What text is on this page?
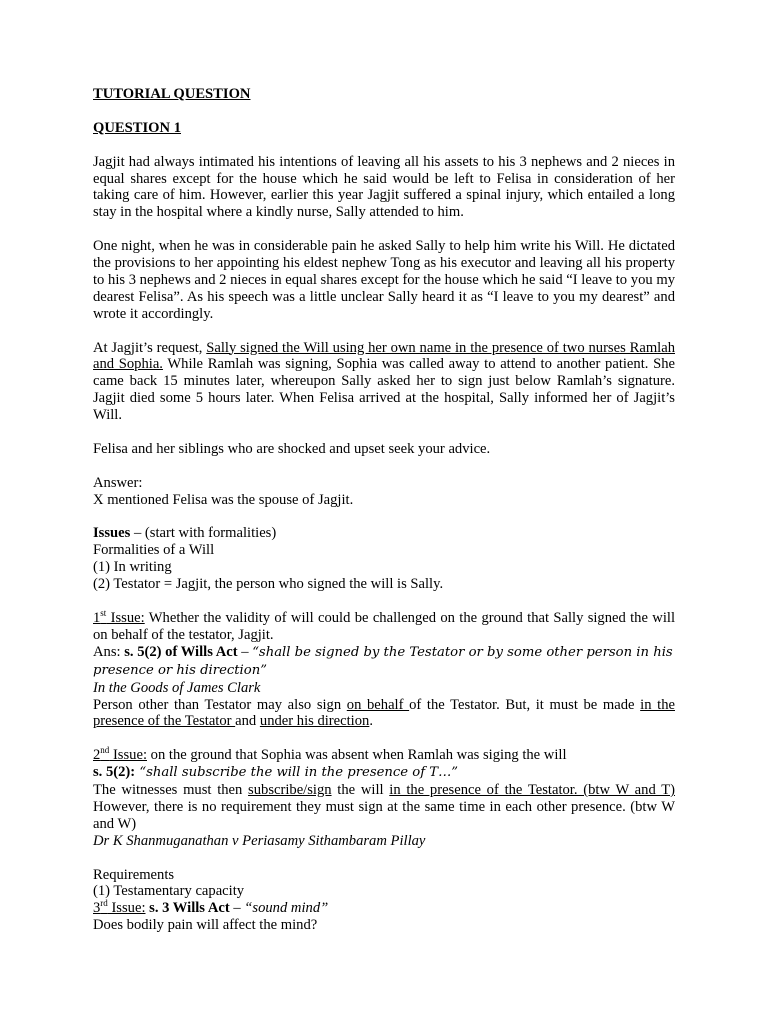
TUTORIAL QUESTION

QUESTION 1

Jagjit had always intimated his intentions of leaving all his assets to his 3 nephews and 2 nieces in equal shares except for the house which he said would be left to Felisa in consideration of her taking care of him. However, earlier this year Jagjit suffered a spinal injury, which entailed a long stay in the hospital where a kindly nurse, Sally attended to him.

One night, when he was in considerable pain he asked Sally to help him write his Will. He dictated the provisions to her appointing his eldest nephew Tong as his executor and leaving all his property to his 3 nephews and 2 nieces in equal shares except for the house which he said “I leave to you my dearest Felisa”. As his speech was a little unclear Sally heard it as “I leave to you my dearest” and wrote it accordingly.

At Jagjit’s request, Sally signed the Will using her own name in the presence of two nurses Ramlah and Sophia. While Ramlah was signing, Sophia was called away to attend to another patient. She came back 15 minutes later, whereupon Sally asked her to sign just below Ramlah’s signature. Jagjit died some 5 hours later. When Felisa arrived at the hospital, Sally informed her of Jagjit’s Will.

Felisa and her siblings who are shocked and upset seek your advice.

Answer:

X mentioned Felisa was the spouse of Jagjit.

Issues – (start with formalities)

Formalities of a Will

(1) In writing

(2) Testator = Jagjit, the person who signed the will is Sally.

1st Issue: Whether the validity of will could be challenged on the ground that Sally signed the will on behalf of the testator, Jagjit.

Ans: s. 5(2) of Wills Act – “shall be signed by the Testator or by some other person in his presence or his direction”

In the Goods of James Clark

Person other than Testator may also sign on behalf of the Testator. But, it must be made in the presence of the Testator and under his direction.

2nd Issue: on the ground that Sophia was absent when Ramlah was siging the will

s. 5(2): “shall subscribe the will in the presence of T…”

The witnesses must then subscribe/sign the will in the presence of the Testator. (btw W and T) However, there is no requirement they must sign at the same time in each other presence. (btw W and W)

Dr K Shanmuganathan v Periasamy Sithambaram Pillay

Requirements

(1) Testamentary capacity

3rd Issue: s. 3 Wills Act – “sound mind”

Does bodily pain will affect the mind?
